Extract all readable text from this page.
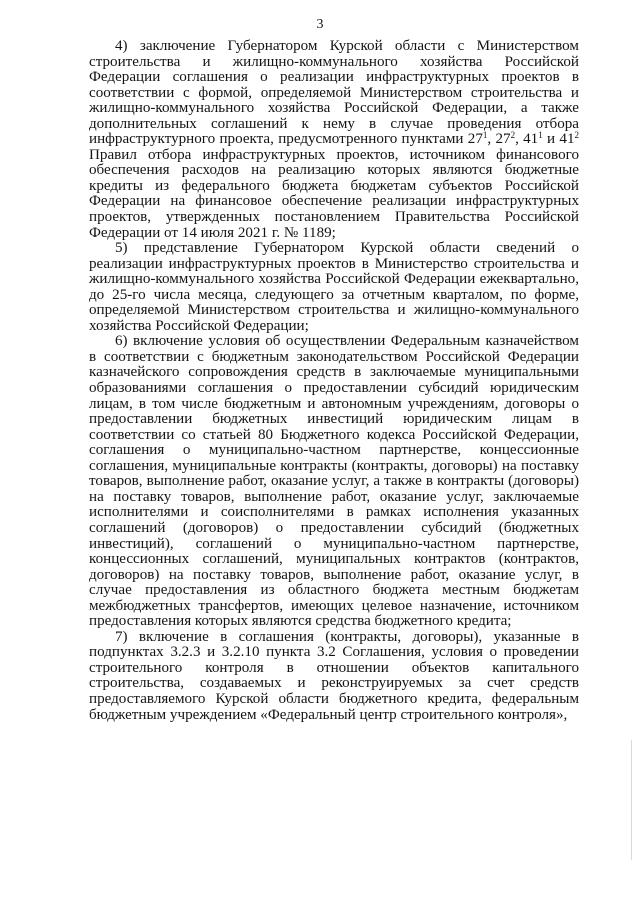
3

4) заключение Губернатором Курской области с Министерством строительства и жилищно-коммунального хозяйства Российской Федерации соглашения о реализации инфраструктурных проектов в соответствии с формой, определяемой Министерством строительства и жилищно-коммунального хозяйства Российской Федерации, а также дополнительных соглашений к нему в случае проведения отбора инфраструктурного проекта, предусмотренного пунктами $27^1$, $27^2$, $41^1$ и $41^2$ Правил отбора инфраструктурных проектов, источником финансового обеспечения расходов на реализацию которых являются бюджетные кредиты из федерального бюджета бюджетам субъектов Российской Федерации на финансовое обеспечение реализации инфраструктурных проектов, утвержденных постановлением Правительства Российской Федерации от 14 июля 2021 г. № 1189;

5) представление Губернатором Курской области сведений о реализации инфраструктурных проектов в Министерство строительства и жилищно-коммунального хозяйства Российской Федерации ежеквартально, до 25-го числа месяца, следующего за отчетным кварталом, по форме, определяемой Министерством строительства и жилищно-коммунального хозяйства Российской Федерации;

6) включение условия об осуществлении Федеральным казначейством в соответствии с бюджетным законодательством Российской Федерации казначейского сопровождения средств в заключаемые муниципальными образованиями соглашения о предоставлении субсидий юридическим лицам, в том числе бюджетным и автономным учреждениям, договоры о предоставлении бюджетных инвестиций юридическим лицам в соответствии со статьей 80 Бюджетного кодекса Российской Федерации, соглашения о муниципально-частном партнерстве, концессионные соглашения, муниципальные контракты (контракты, договоры) на поставку товаров, выполнение работ, оказание услуг, а также в контракты (договоры) на поставку товаров, выполнение работ, оказание услуг, заключаемые исполнителями и соисполнителями в рамках исполнения указанных соглашений (договоров) о предоставлении субсидий (бюджетных инвестиций), соглашений о муниципально-частном партнерстве, концессионных соглашений, муниципальных контрактов (контрактов, договоров) на поставку товаров, выполнение работ, оказание услуг, в случае предоставления из областного бюджета местным бюджетам межбюджетных трансфертов, имеющих целевое назначение, источником предоставления которых являются средства бюджетного кредита;

7) включение в соглашения (контракты, договоры), указанные в подпунктах 3.2.3 и 3.2.10 пункта 3.2 Соглашения, условия о проведении строительного контроля в отношении объектов капитального строительства, создаваемых и реконструируемых за счет средств предоставляемого Курской области бюджетного кредита, федеральным бюджетным учреждением «Федеральный центр строительного контроля»,
